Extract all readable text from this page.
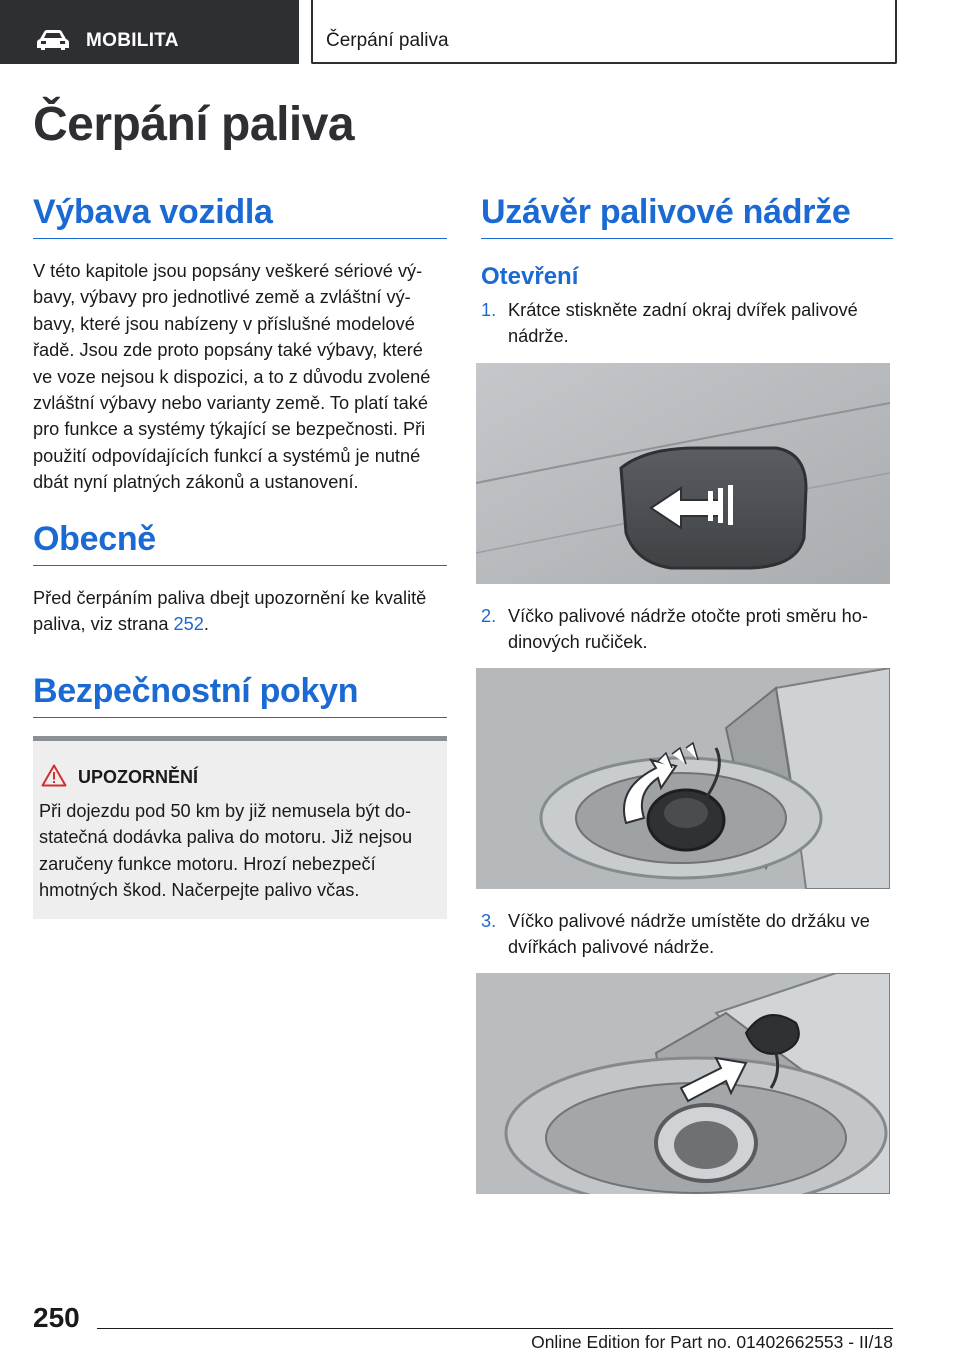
MOBILITA	Čerpání paliva
Čerpání paliva
Výbava vozidla
V této kapitole jsou popsány veškeré sériové vý-
bavy, výbavy pro jednotlivé země a zvláštní vý-
bavy, které jsou nabízeny v příslušné modelové
řadě. Jsou zde proto popsány také výbavy, které
ve voze nejsou k dispozici, a to z důvodu zvolené
zvláštní výbavy nebo varianty země. To platí také
pro funkce a systémy týkající se bezpečnosti. Při
použití odpovídajících funkcí a systémů je nutné
dbát nyní platných zákonů a ustanovení.
Obecně
Před čerpáním paliva dbejt upozornění ke kvalitě
paliva, viz strana 252.
Bezpečnostní pokyn
UPOZORNĚNÍ
Při dojezdu pod 50 km by již nemusela být do-
statečná dodávka paliva do motoru. Již nejsou
zaručeny funkce motoru. Hrozí nebezpečí
hmotných škod. Načerpejte palivo včas.
Uzávěr palivové nádrže
Otevření
1. Krátce stiskněte zadní okraj dvířek palivové
nádrže.
2. Víčko palivové nádrže otočte proti směru ho-
dinových ručiček.
3. Víčko palivové nádrže umístěte do držáku ve
dvířkách palivové nádrže.
250
Online Edition for Part no. 01402662553 - II/18
